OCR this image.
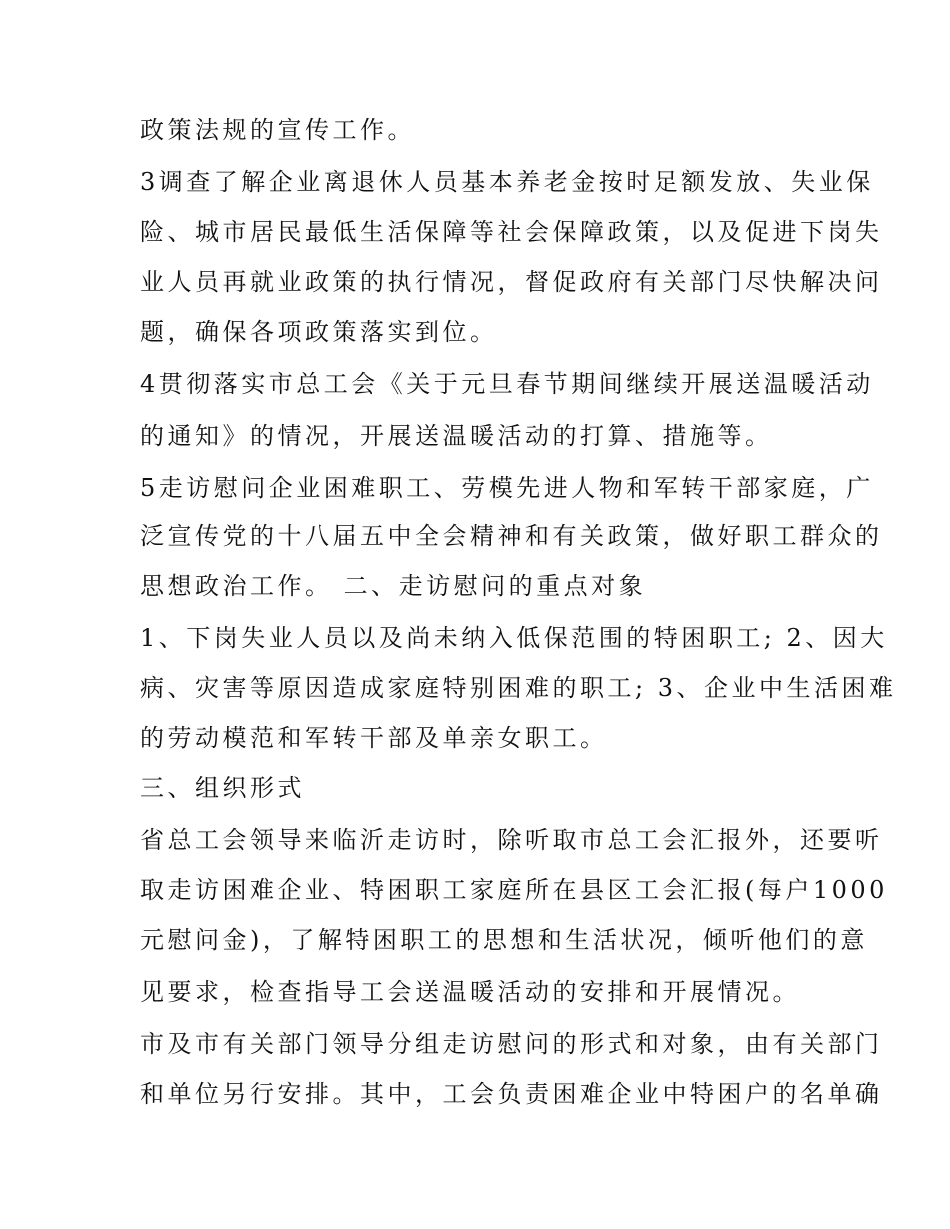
政策法规的宣传工作。
3调查了解企业离退休人员基本养老金按时足额发放、失业保
险、城市居民最低生活保障等社会保障政策，以及促进下岗失
业人员再就业政策的执行情况，督促政府有关部门尽快解决问
题，确保各项政策落实到位。
4贯彻落实市总工会《关于元旦春节期间继续开展送温暖活动
的通知》的情况，开展送温暖活动的打算、措施等。
5走访慰问企业困难职工、劳模先进人物和军转干部家庭，广
泛宣传党的十八届五中全会精神和有关政策，做好职工群众的
思想政治工作。 二、走访慰问的重点对象
1、下岗失业人员以及尚未纳入低保范围的特困职工; 2、因大
病、灾害等原因造成家庭特别困难的职工; 3、企业中生活困难
的劳动模范和军转干部及单亲女职工。
三、组织形式
省总工会领导来临沂走访时，除听取市总工会汇报外，还要听
取走访困难企业、特困职工家庭所在县区工会汇报(每户1000
元慰问金)，了解特困职工的思想和生活状况，倾听他们的意
见要求，检查指导工会送温暖活动的安排和开展情况。
市及市有关部门领导分组走访慰问的形式和对象，由有关部门
和单位另行安排。其中，工会负责困难企业中特困户的名单确
